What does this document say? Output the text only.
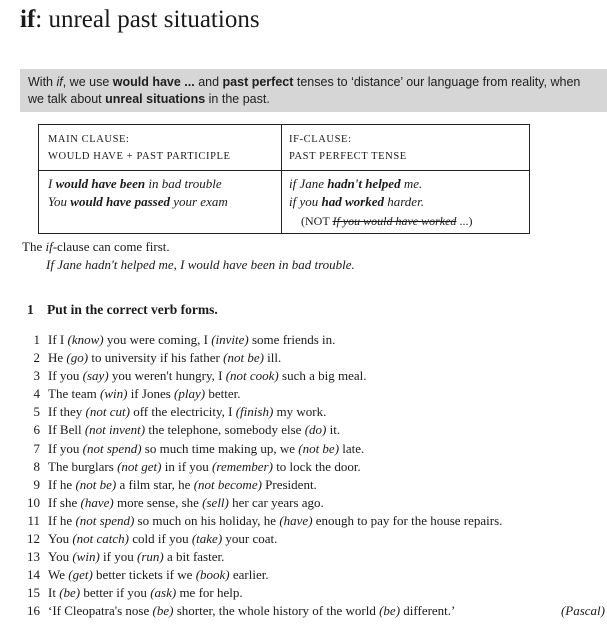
if: unreal past situations
With if, we use would have ... and past perfect tenses to ‘distance’ our language from reality, when we talk about unreal situations in the past.
MAIN CLAUSE:
WOULD HAVE + PAST PARTICIPLE
IF-CLAUSE:
PAST PERFECT TENSE
I would have been in bad trouble
You would have passed your exam
if Jane hadn't helped me.
if you had worked harder.
(NOT If you would have worked ...)
The if-clause can come first.
If Jane hadn't helped me, I would have been in bad trouble.
1 Put in the correct verb forms.
1 If I (know) you were coming, I (invite) some friends in.
2 He (go) to university if his father (not be) ill.
3 If you (say) you weren't hungry, I (not cook) such a big meal.
4 The team (win) if Jones (play) better.
5 If they (not cut) off the electricity, I (finish) my work.
6 If Bell (not invent) the telephone, somebody else (do) it.
7 If you (not spend) so much time making up, we (not be) late.
8 The burglars (not get) in if you (remember) to lock the door.
9 If he (not be) a film star, he (not become) President.
10 If she (have) more sense, she (sell) her car years ago.
11 If he (not spend) so much on his holiday, he (have) enough to pay for the house repairs.
12 You (not catch) cold if you (take) your coat.
13 You (win) if you (run) a bit faster.
14 We (get) better tickets if we (book) earlier.
15 It (be) better if you (ask) me for help.
16 ‘If Cleopatra's nose (be) shorter, the whole history of the world (be) different.’	(Pascal)
